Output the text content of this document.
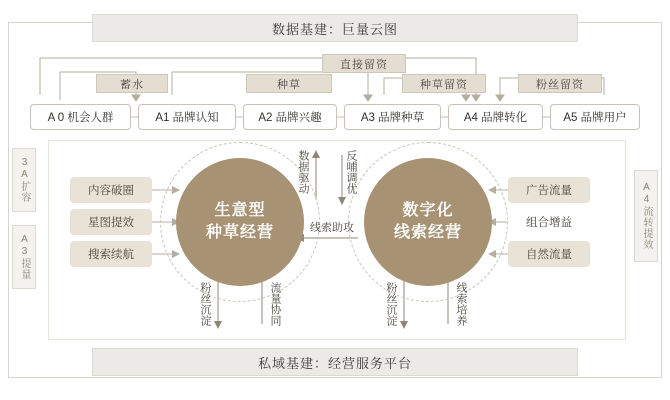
数据基建：巨量云图
蓄水	种草
直接留资
种草留资	粉丝留资
A 0 机会人群	A1 品牌认知	A2 品牌兴趣	A3 品牌种草	A4 品牌转化	A5 品牌用户
3A扩容
A3提量
A4流转提效
内容破圈
星图提效
搜索续航
广告流量
组合增益
自然流量
生意型
种草经营
数字化
线索经营
数据驱动	反哺调优
线索助攻
粉丝沉淀	流量协同	粉丝沉淀	线索培养
私域基建：经营服务平台
